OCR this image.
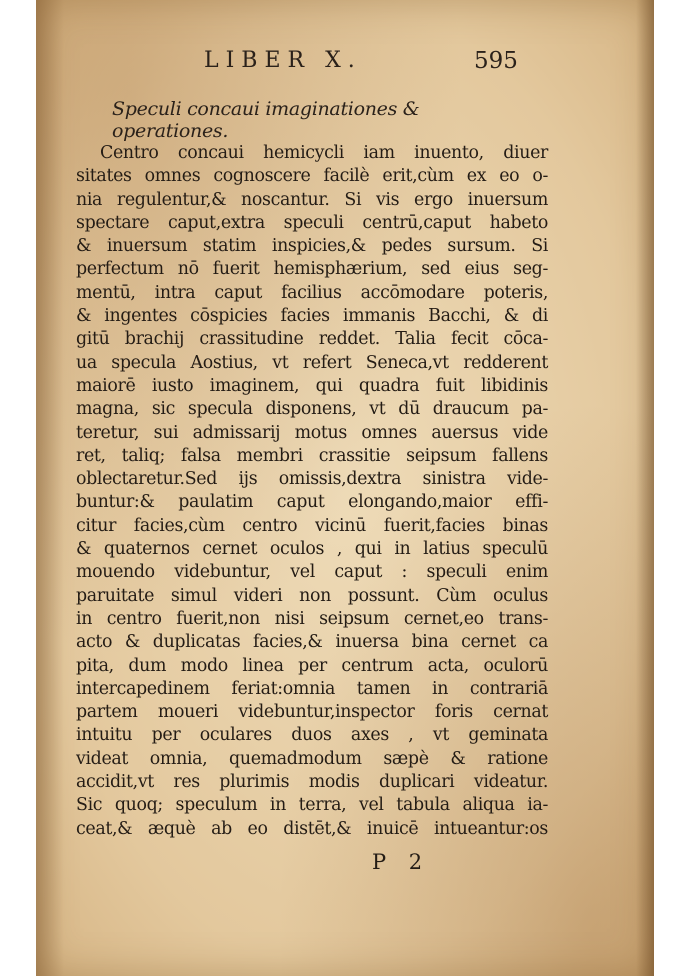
LIBER X.	595
Speculi concaui imaginationes & operationes.
Centro concaui hemicycli iam inuento, diuer
sitates omnes cognoscere facilè erit,cùm ex eo o-
nia regulentur,& noscantur. Si vis ergo inuersum
spectare caput,extra speculi centrū,caput habeto
& inuersum statim inspicies,& pedes sursum. Si
perfectum nō fuerit hemisphærium, sed eius seg-
mentū, intra caput facilius accōmodare poteris,
& ingentes cōspicies facies immanis Bacchi, & di
gitū brachij crassitudine reddet. Talia fecit cōca-
ua specula Aostius, vt refert Seneca,vt redderent
maiorē iusto imaginem, qui quadra fuit libidinis
magna, sic specula disponens, vt dū draucum pa-
teretur, sui admissarij motus omnes auersus vide
ret, taliq; falsa membri crassitie seipsum fallens
oblectaretur.Sed ijs omissis,dextra sinistra vide-
buntur:& paulatim caput elongando,maior effi-
citur facies,cùm centro vicinū fuerit,facies binas
& quaternos cernet oculos , qui in latius speculū
mouendo videbuntur, vel caput : speculi enim
paruitate simul videri non possunt. Cùm oculus
in centro fuerit,non nisi seipsum cernet,eo trans-
acto & duplicatas facies,& inuersa bina cernet ca
pita, dum modo linea per centrum acta, oculorū
intercapedinem feriat:omnia tamen in contrariā
partem moueri videbuntur,inspector foris cernat
intuitu per oculares duos axes , vt geminata
videat omnia, quemadmodum sæpè & ratione
accidit,vt res plurimis modis duplicari videatur.
Sic quoq; speculum in terra, vel tabula aliqua ia-
ceat,& æquè ab eo distēt,& inuicē intueantur:os
P 2
